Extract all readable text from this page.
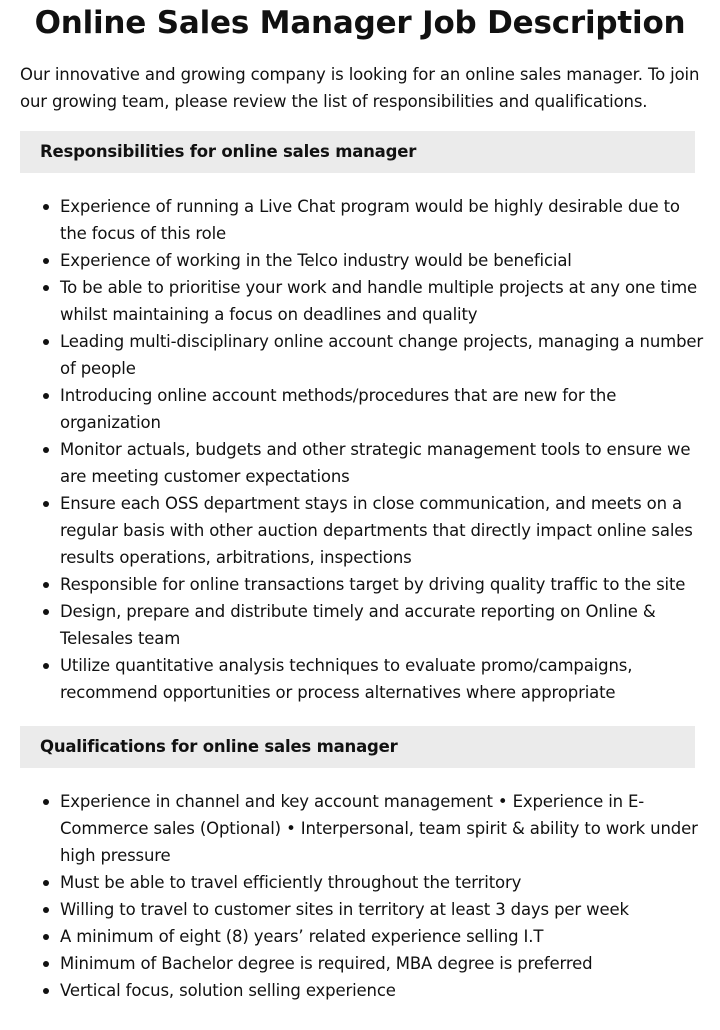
Online Sales Manager Job Description

Our innovative and growing company is looking for an online sales manager. To join our growing team, please review the list of responsibilities and qualifications.

Responsibilities for online sales manager
Experience of running a Live Chat program would be highly desirable due to the focus of this role
Experience of working in the Telco industry would be beneficial
To be able to prioritise your work and handle multiple projects at any one time whilst maintaining a focus on deadlines and quality
Leading multi-disciplinary online account change projects, managing a number of people
Introducing online account methods/procedures that are new for the organization
Monitor actuals, budgets and other strategic management tools to ensure we are meeting customer expectations
Ensure each OSS department stays in close communication, and meets on a regular basis with other auction departments that directly impact online sales results operations, arbitrations, inspections
Responsible for online transactions target by driving quality traffic to the site
Design, prepare and distribute timely and accurate reporting on Online & Telesales team
Utilize quantitative analysis techniques to evaluate promo/campaigns, recommend opportunities or process alternatives where appropriate
Qualifications for online sales manager
Experience in channel and key account management • Experience in E-Commerce sales (Optional) • Interpersonal, team spirit & ability to work under high pressure
Must be able to travel efficiently throughout the territory
Willing to travel to customer sites in territory at least 3 days per week
A minimum of eight (8) years’ related experience selling I.T
Minimum of Bachelor degree is required, MBA degree is preferred
Vertical focus, solution selling experience
